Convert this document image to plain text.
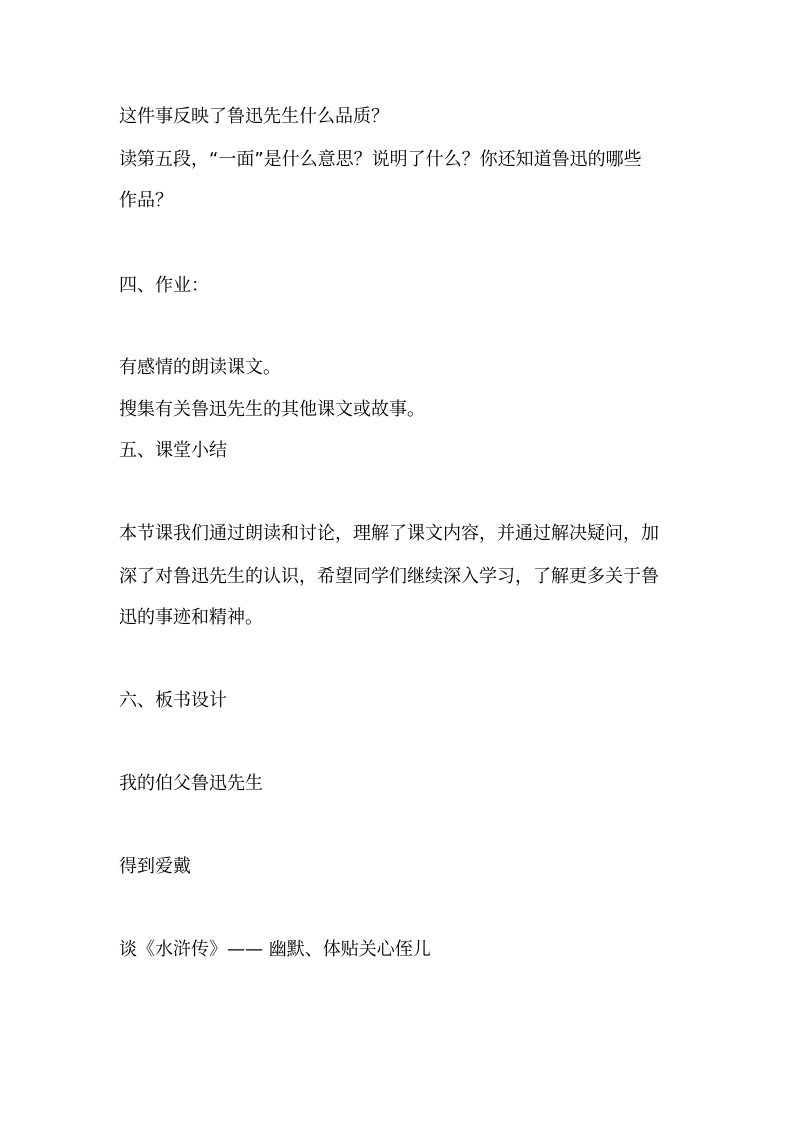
这件事反映了鲁迅先生什么品质？
读第五段，“一面”是什么意思？说明了什么？你还知道鲁迅的哪些
作品？
四、作业：
有感情的朗读课文。
搜集有关鲁迅先生的其他课文或故事。
五、课堂小结
本节课我们通过朗读和讨论，理解了课文内容，并通过解决疑问，加
深了对鲁迅先生的认识，希望同学们继续深入学习，了解更多关于鲁
迅的事迹和精神。
六、板书设计
我的伯父鲁迅先生
得到爱戴
谈《水浒传》—— 幽默、体贴关心侄儿
